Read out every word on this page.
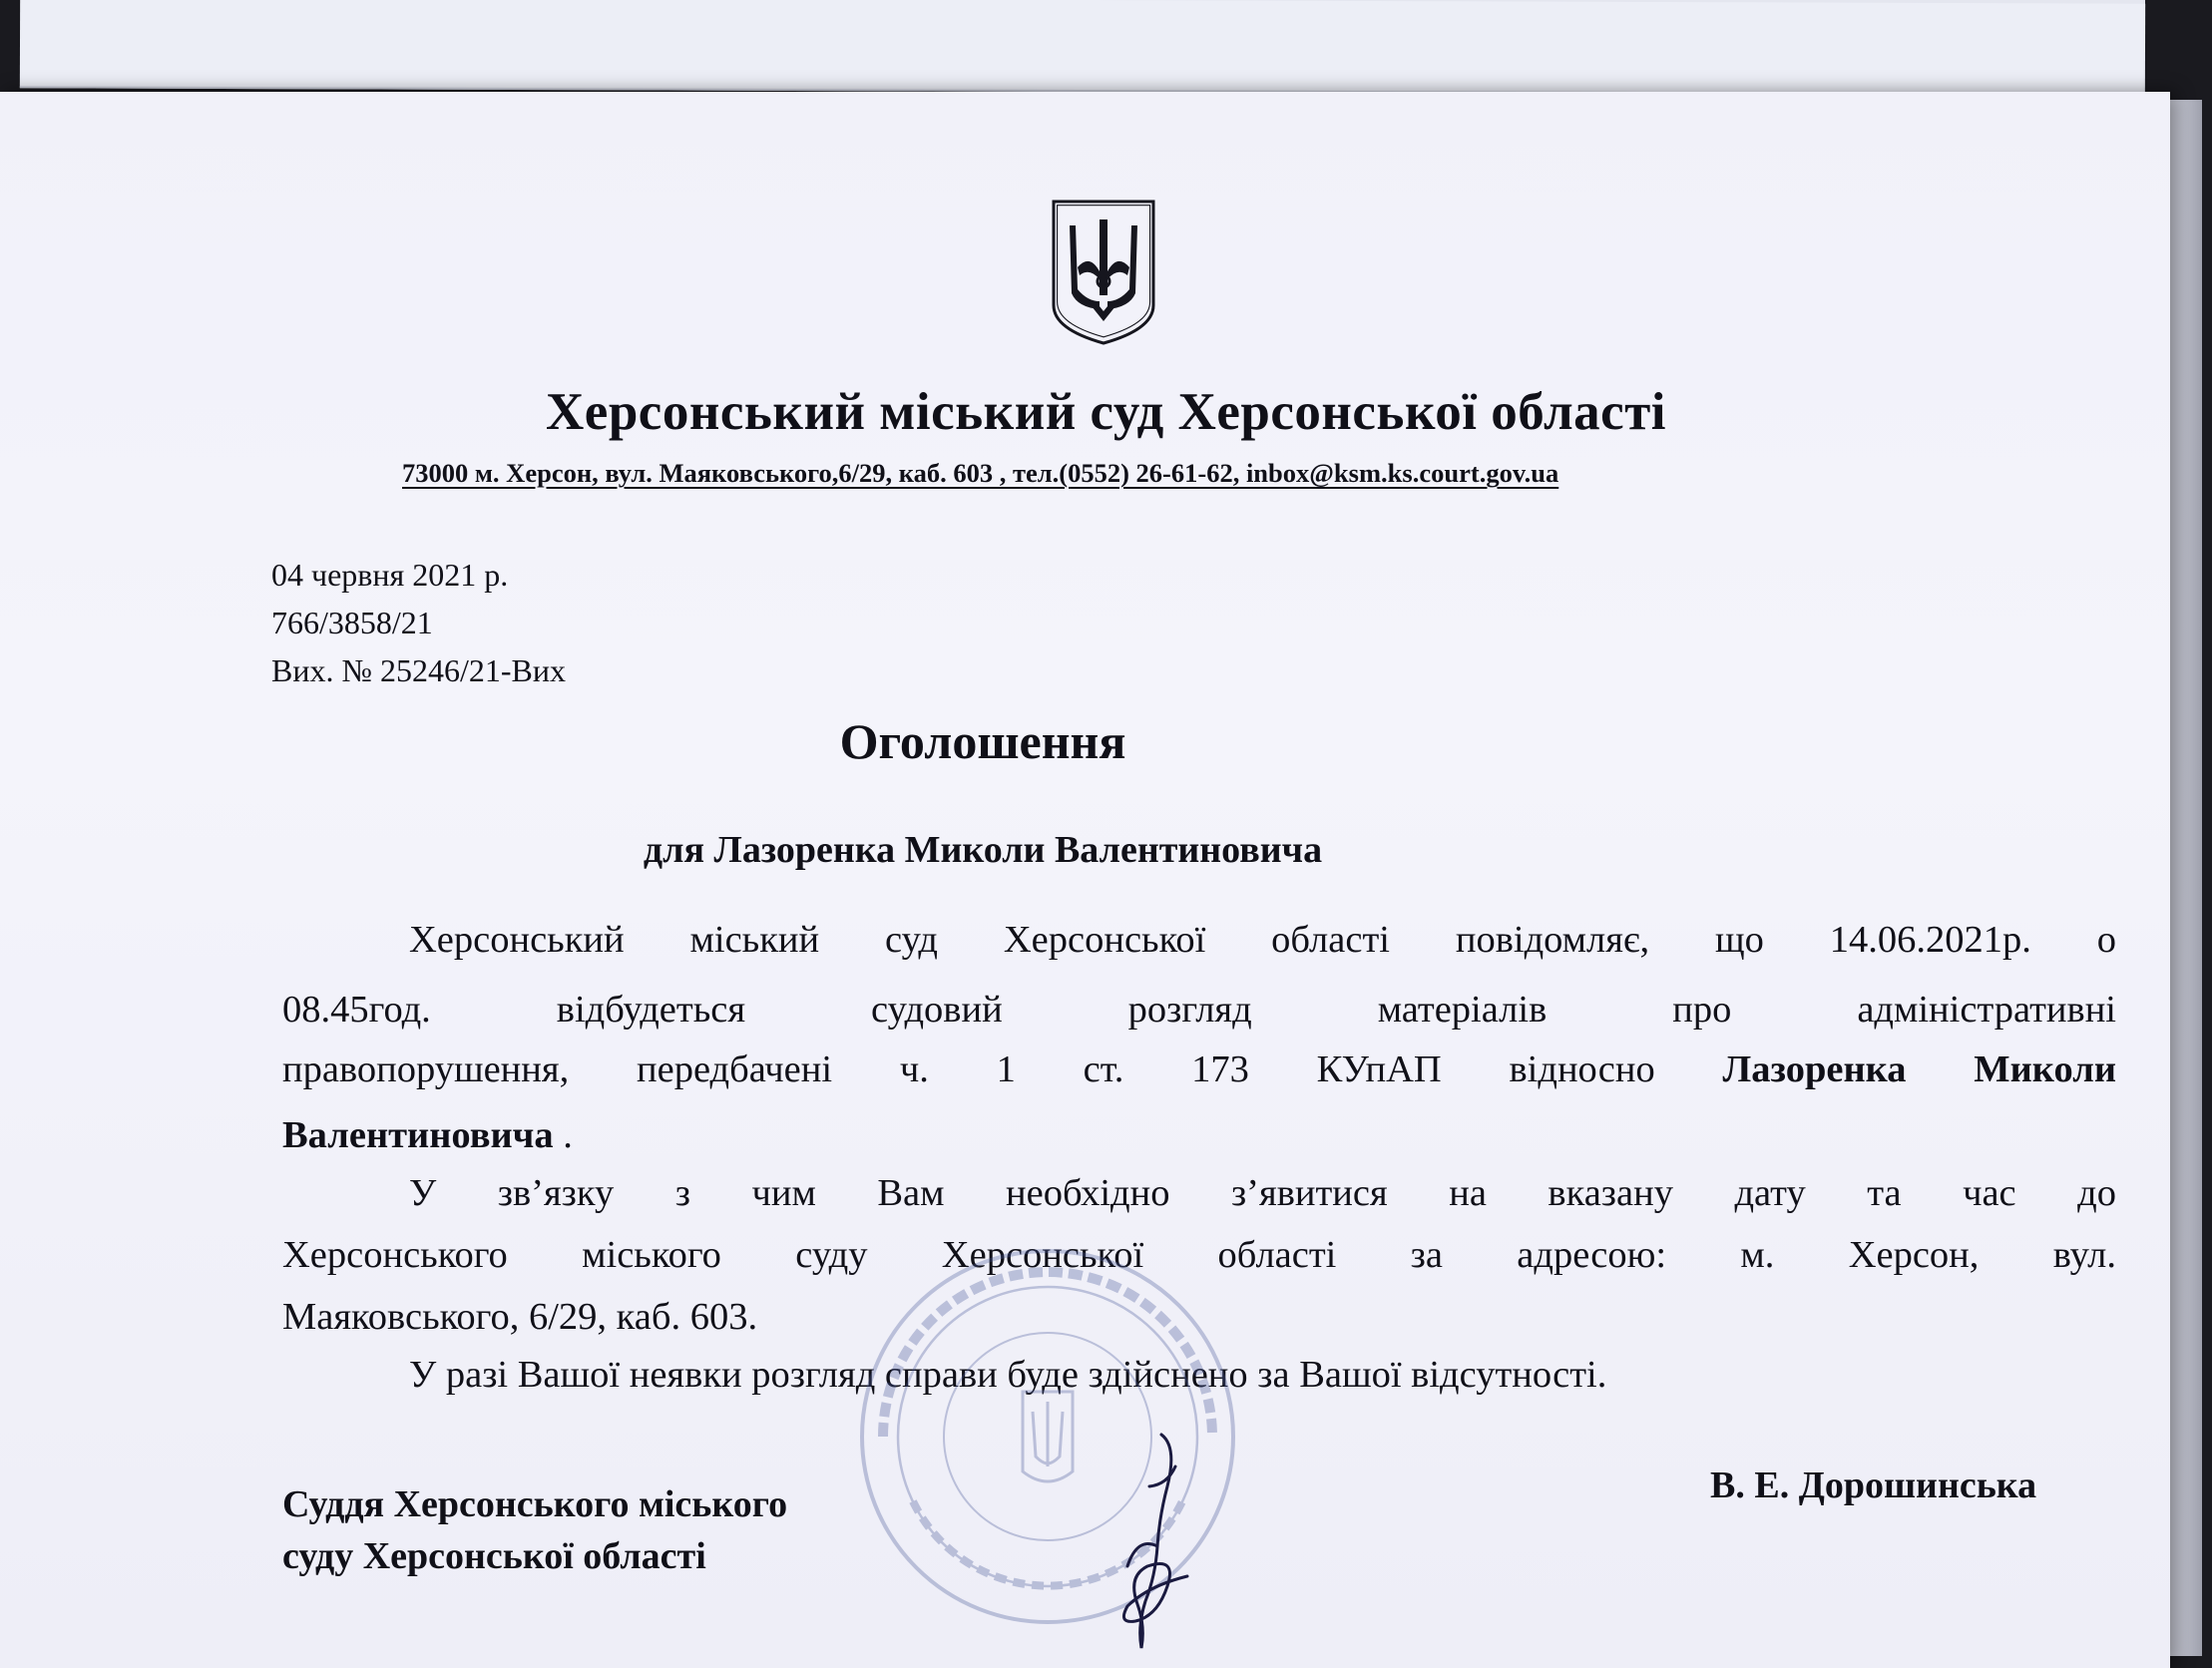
Херсонський міський суд Херсонської області
73000 м. Херсон, вул. Маяковського,6/29, каб. 603 , тел.(0552) 26-61-62, inbox@ksm.ks.court.gov.ua
04 червня 2021 р.
766/3858/21
Вих. № 25246/21-Вих
Оголошення
для Лазоренка Миколи Валентиновича
Херсонський міський суд Херсонської області повідомляє, що 14.06.2021р. о
08.45год. відбудеться судовий розгляд матеріалів про адміністративні
правопорушення, передбачені ч. 1 ст. 173 КУпАП відносно Лазоренка Миколи
Валентиновича .
У зв’язку з чим Вам необхідно з’явитися на вказану дату та час до
Херсонського міського суду Херсонської області за адресою: м. Херсон, вул.
Маяковського, 6/29, каб. 603.
У разі Вашої неявки розгляд справи буде здійснено за Вашої відсутності.
Суддя Херсонського міського
суду Херсонської області
В. Е. Дорошинська
